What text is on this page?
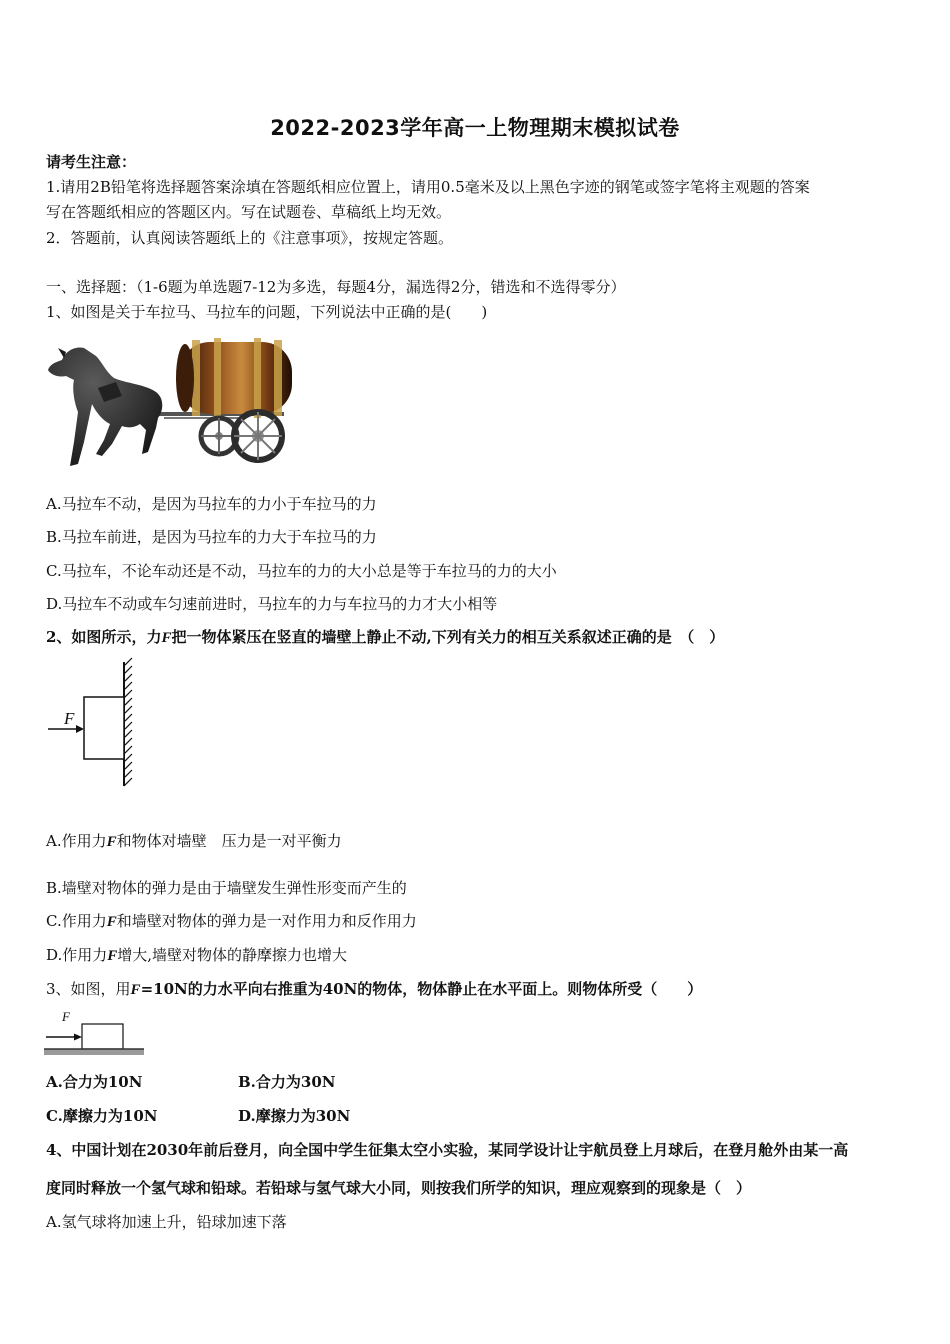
2022-2023学年高一上物理期末模拟试卷
请考生注意：
1.请用2B铅笔将选择题答案涂填在答题纸相应位置上，请用0.5毫米及以上黑色字迹的钢笔或签字笔将主观题的答案
写在答题纸相应的答题区内。写在试题卷、草稿纸上均无效。
2．答题前，认真阅读答题纸上的《注意事项》，按规定答题。
一、选择题：（1-6题为单选题7-12为多选，每题4分，漏选得2分，错选和不选得零分）
1、如图是关于车拉马、马拉车的问题，下列说法中正确的是(　　)
A.马拉车不动，是因为马拉车的力小于车拉马的力
B.马拉车前进，是因为马拉车的力大于车拉马的力
C.马拉车，不论车动还是不动，马拉车的力的大小总是等于车拉马的力的大小
D.马拉车不动或车匀速前进时，马拉车的力与车拉马的力才大小相等
2、如图所示，力F把一物体紧压在竖直的墙壁上静止不动,下列有关力的相互关系叙述正确的是　（　）
F
A.作用力F和物体对墙壁　压力是一对平衡力
B.墙壁对物体的弹力是由于墙壁发生弹性形变而产生的
C.作用力F和墙壁对物体的弹力是一对作用力和反作用力
D.作用力F增大,墙壁对物体的静摩擦力也增大
3、如图，用F=10N的力水平向右推重为40N的物体，物体静止在水平面上。则物体所受（　　）
F
A.合力为10N	B.合力为30N
C.摩擦力为10N	D.摩擦力为30N
4、中国计划在2030年前后登月，向全国中学生征集太空小实验，某同学设计让宇航员登上月球后，在登月舱外由某一高
度同时释放一个氢气球和铅球。若铅球与氢气球大小同，则按我们所学的知识，理应观察到的现象是（　）
A.氢气球将加速上升，铅球加速下落
